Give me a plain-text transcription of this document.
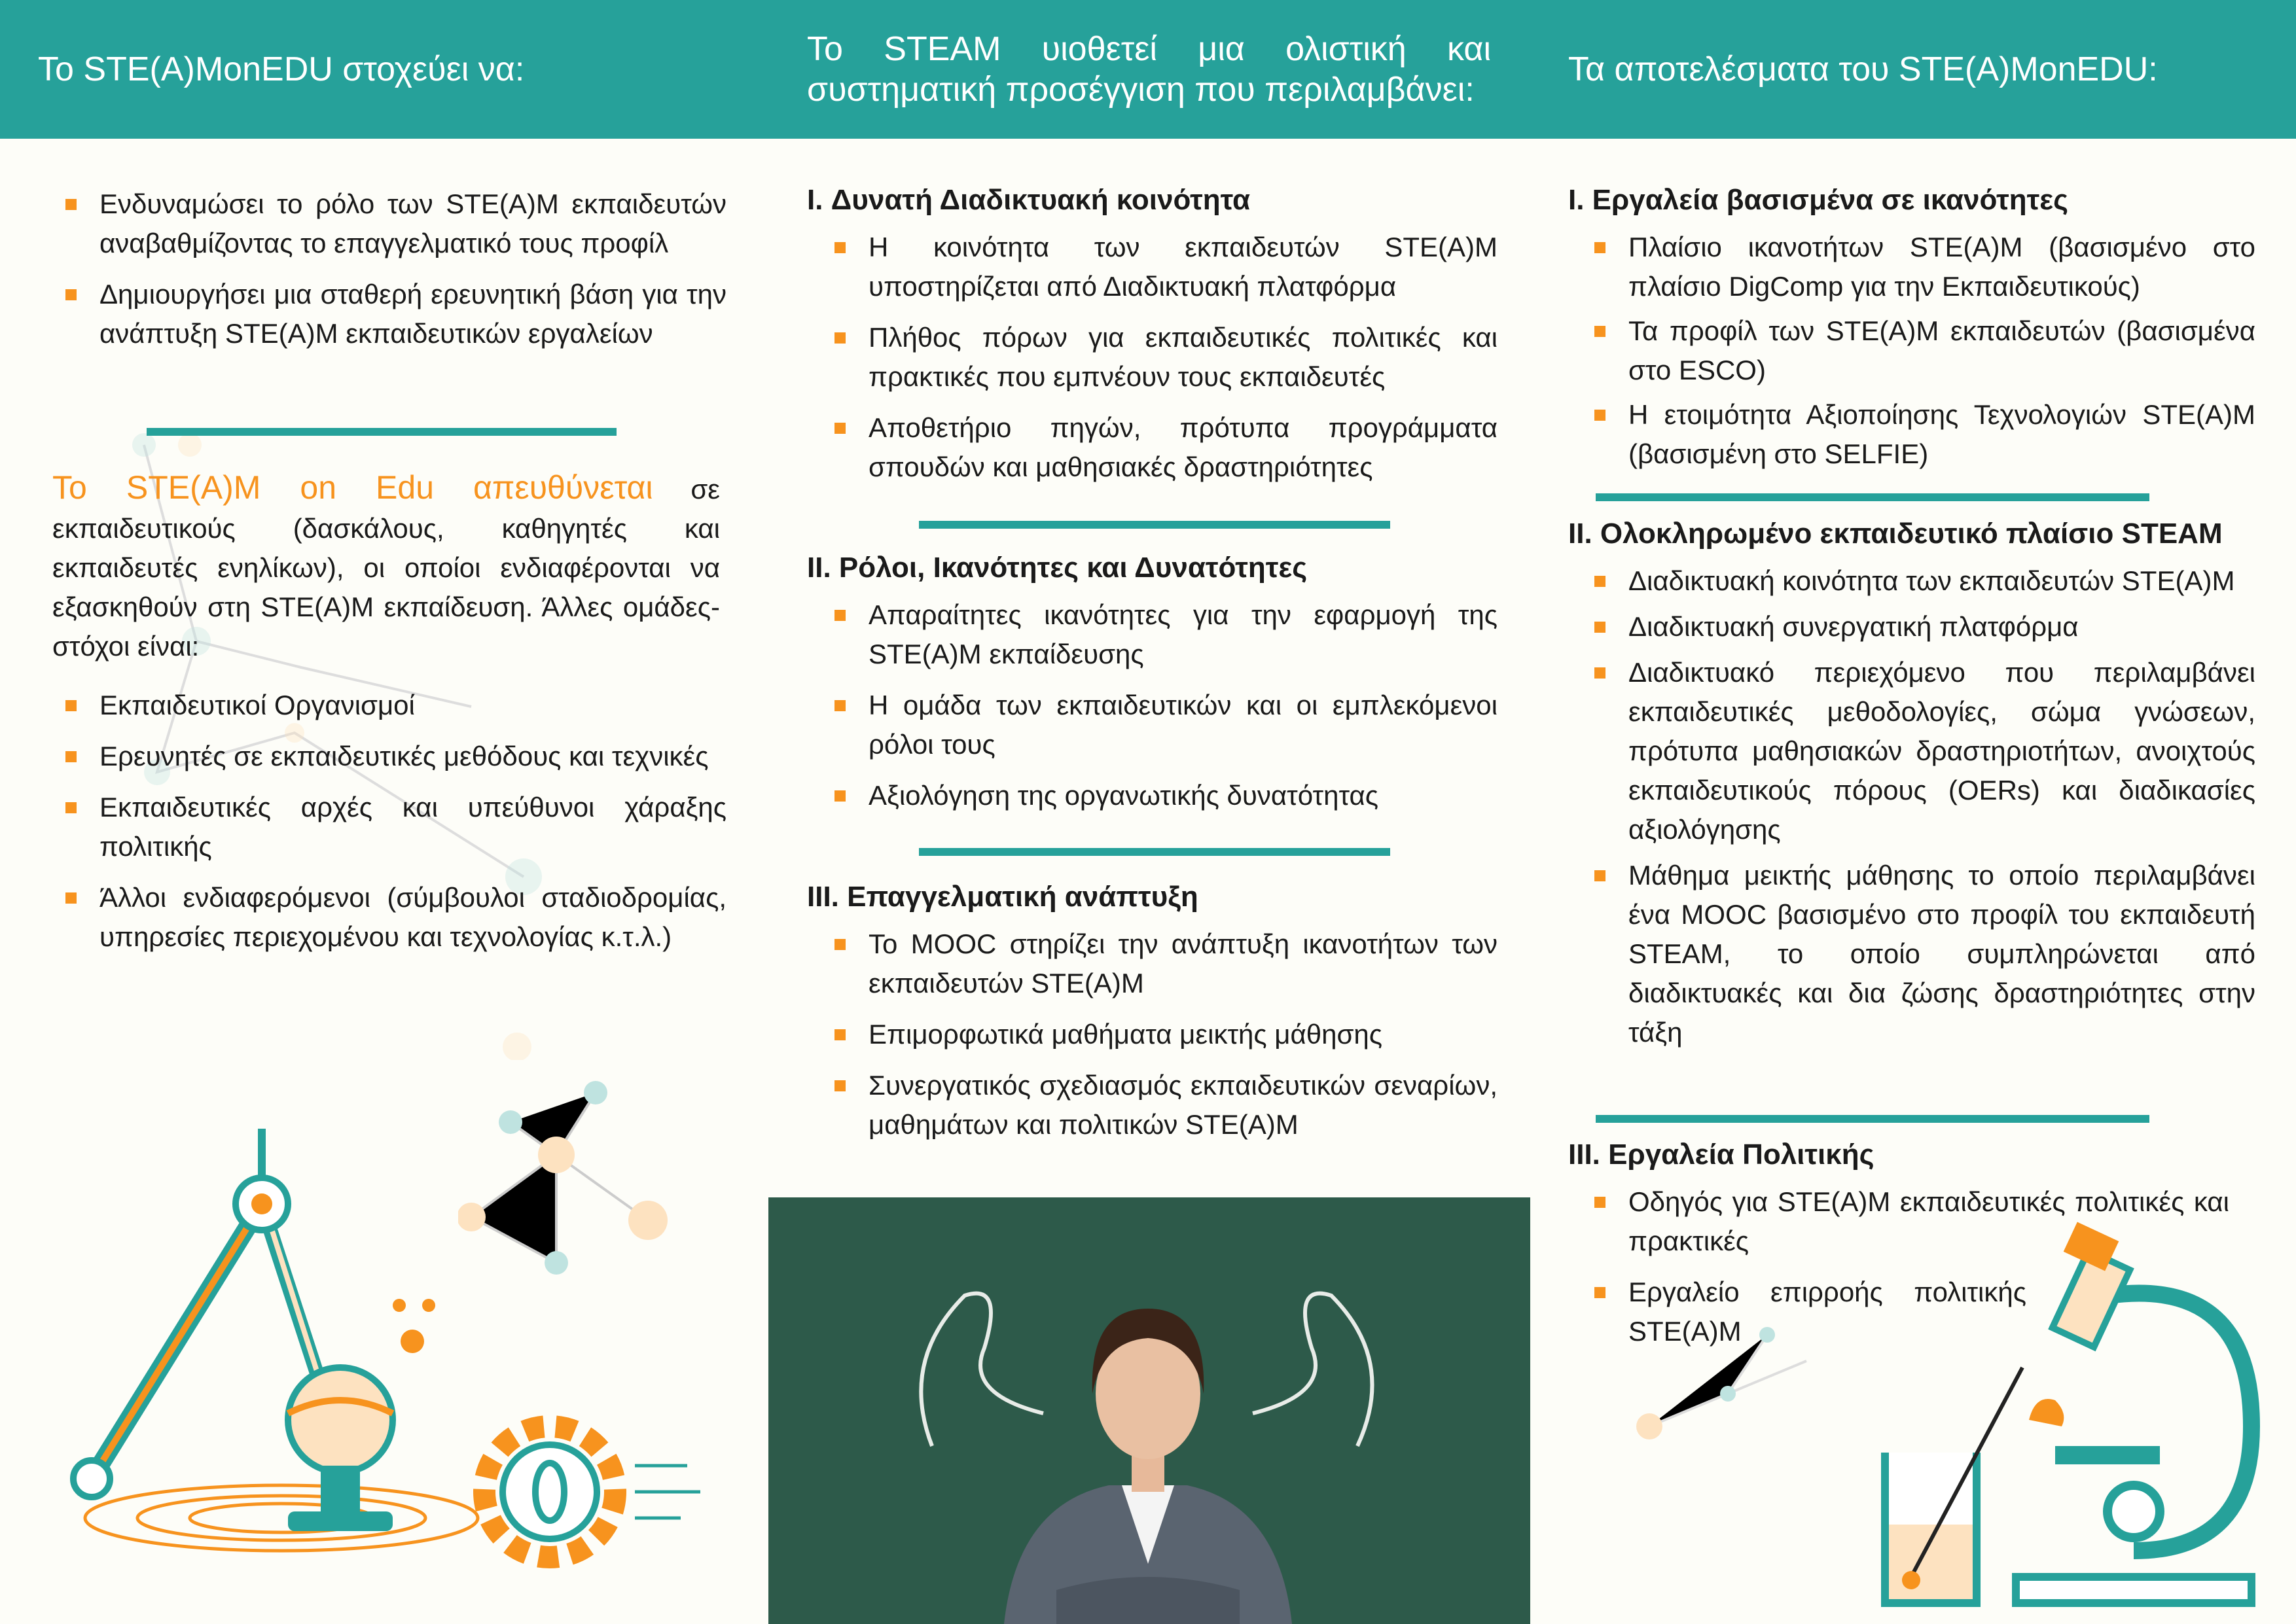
Το STE(A)MonEDU στοχεύει να:
Το STEAM υιοθετεί μια ολιστική και συστηματική προσέγγιση που περιλαμβάνει:
Τα αποτελέσματα του STE(A)MonEDU:
Ενδυναμώσει το ρόλο των STE(A)M εκπαιδευτών αναβαθμίζοντας το επαγγελματικό τους προφίλ
Δημιουργήσει μια σταθερή ερευνητική βάση για την ανάπτυξη STE(A)M εκπαιδευτικών εργαλείων
Το STE(A)M on Edu απευθύνεται σε εκπαιδευτικούς (δασκάλους, καθηγητές και εκπαιδευτές ενηλίκων), οι οποίοι ενδιαφέρονται να εξασκηθούν στη STE(A)M εκπαίδευση. Άλλες ομάδες- στόχοι είναι:
Εκπαιδευτικοί Οργανισμοί
Ερευνητές σε εκπαιδευτικές μεθόδους και τεχνικές
Εκπαιδευτικές αρχές και υπεύθυνοι χάραξης πολιτικής
Άλλοι ενδιαφερόμενοι (σύμβουλοι σταδιοδρομίας, υπηρεσίες περιεχομένου και τεχνολογίας κ.τ.λ.)
I. Δυνατή Διαδικτυακή κοινότητα
Η κοινότητα των εκπαιδευτών STE(A)M υποστηρίζεται από Διαδικτυακή πλατφόρμα
Πλήθος πόρων για εκπαιδευτικές πολιτικές και πρακτικές που εμπνέουν τους εκπαιδευτές
Αποθετήριο πηγών, πρότυπα προγράμματα σπουδών και μαθησιακές δραστηριότητες
II. Ρόλοι, Ικανότητες και Δυνατότητες
Απαραίτητες ικανότητες για την εφαρμογή της STE(A)M εκπαίδευσης
Η ομάδα των εκπαιδευτικών και οι εμπλεκόμενοι ρόλοι τους
Αξιολόγηση της οργανωτικής δυνατότητας
III. Επαγγελματική ανάπτυξη
Το MOOC στηρίζει την ανάπτυξη ικανοτήτων των εκπαιδευτών STE(A)M
Επιμορφωτικά μαθήματα μεικτής μάθησης
Συνεργατικός σχεδιασμός εκπαιδευτικών σεναρίων, μαθημάτων και πολιτικών STE(A)M
I. Εργαλεία βασισμένα σε ικανότητες
Πλαίσιο ικανοτήτων STE(A)M (βασισμένο στο πλαίσιο DigComp για την Εκπαιδευτικούς)
Τα προφίλ των STE(A)M εκπαιδευτών (βασισμένα στο ESCO)
Η ετοιμότητα Αξιοποίησης Τεχνολογιών STE(A)M (βασισμένη στο SELFIE)
II. Ολοκληρωμένο εκπαιδευτικό πλαίσιο STEAM
Διαδικτυακή κοινότητα των εκπαιδευτών STE(A)M
Διαδικτυακή συνεργατική πλατφόρμα
Διαδικτυακό περιεχόμενο που περιλαμβάνει εκπαιδευτικές μεθοδολογίες, σώμα γνώσεων, πρότυπα μαθησιακών δραστηριοτήτων, ανοιχτούς εκπαιδευτικούς πόρους (OERs) και διαδικασίες αξιολόγησης
Μάθημα μεικτής μάθησης το οποίο περιλαμβάνει ένα MOOC βασισμένο στο προφίλ του εκπαιδευτή STEAM, το οποίο συμπληρώνεται από διαδικτυακές και δια ζώσης δραστηριότητες στην τάξη
III. Εργαλεία Πολιτικής
Οδηγός για STE(A)M εκπαιδευτικές πολιτικές και πρακτικές
Εργαλείο επιρροής πολιτικής STE(A)M
